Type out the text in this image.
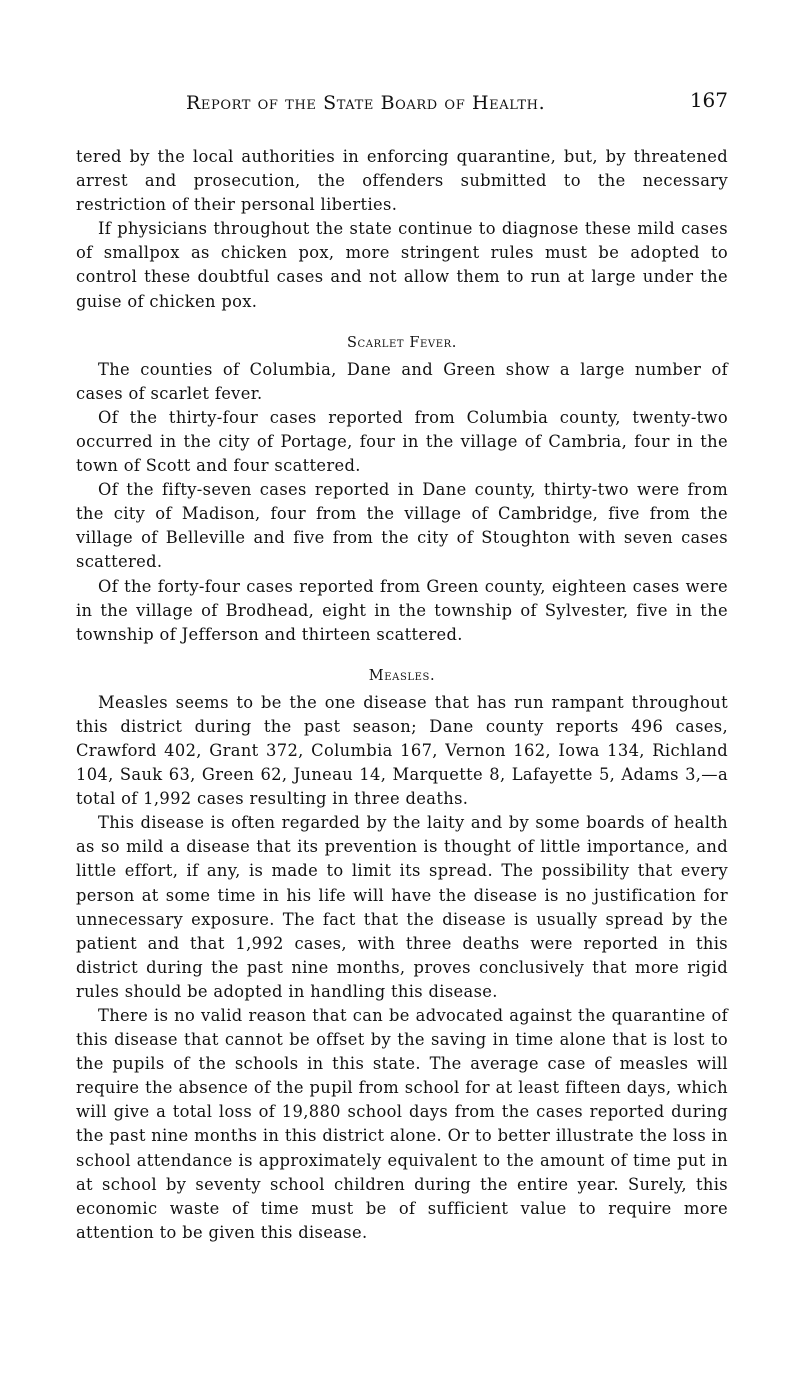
Report of the State Board of Health.	167

tered by the local authorities in enforcing quarantine, but, by threatened arrest and prosecution, the offenders submitted to the necessary restriction of their personal liberties.

If physicians throughout the state continue to diagnose these mild cases of smallpox as chicken pox, more stringent rules must be adopted to control these doubtful cases and not allow them to run at large under the guise of chicken pox.

Scarlet Fever.

The counties of Columbia, Dane and Green show a large number of cases of scarlet fever.

Of the thirty-four cases reported from Columbia county, twenty-two occurred in the city of Portage, four in the village of Cambria, four in the town of Scott and four scattered.

Of the fifty-seven cases reported in Dane county, thirty-two were from the city of Madison, four from the village of Cambridge, five from the village of Belleville and five from the city of Stoughton with seven cases scattered.

Of the forty-four cases reported from Green county, eighteen cases were in the village of Brodhead, eight in the township of Sylvester, five in the township of Jefferson and thirteen scattered.

Measles.

Measles seems to be the one disease that has run rampant throughout this district during the past season; Dane county reports 496 cases, Crawford 402, Grant 372, Columbia 167, Vernon 162, Iowa 134, Richland 104, Sauk 63, Green 62, Juneau 14, Marquette 8, Lafayette 5, Adams 3,—a total of 1,992 cases resulting in three deaths.

This disease is often regarded by the laity and by some boards of health as so mild a disease that its prevention is thought of little importance, and little effort, if any, is made to limit its spread. The possibility that every person at some time in his life will have the disease is no justification for unnecessary exposure. The fact that the disease is usually spread by the patient and that 1,992 cases, with three deaths were reported in this district during the past nine months, proves conclusively that more rigid rules should be adopted in handling this disease.

There is no valid reason that can be advocated against the quarantine of this disease that cannot be offset by the saving in time alone that is lost to the pupils of the schools in this state. The average case of measles will require the absence of the pupil from school for at least fifteen days, which will give a total loss of 19,880 school days from the cases reported during the past nine months in this district alone. Or to better illustrate the loss in school attendance is approximately equivalent to the amount of time put in at school by seventy school children during the entire year. Surely, this economic waste of time must be of sufficient value to require more attention to be given this disease.
